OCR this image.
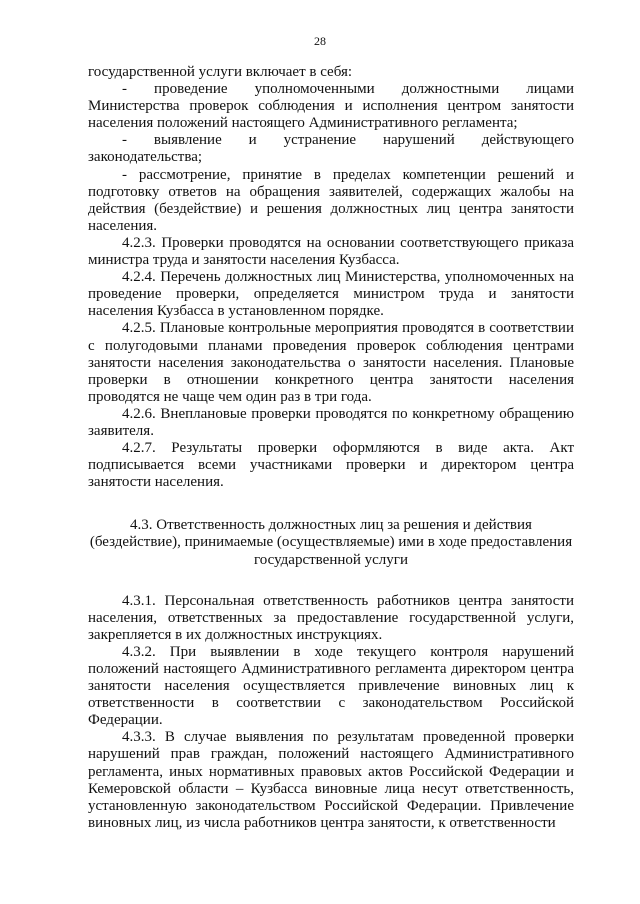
28

государственной услуги включает в себя:

- проведение уполномоченными должностными лицами Министерства проверок соблюдения и исполнения центром занятости населения положений настоящего Административного регламента;

- выявление и устранение нарушений действующего законодательства;

- рассмотрение, принятие в пределах компетенции решений и подготовку ответов на обращения заявителей, содержащих жалобы на действия (бездействие) и решения должностных лиц центра занятости населения.

4.2.3. Проверки проводятся на основании соответствующего приказа министра труда и занятости населения Кузбасса.

4.2.4. Перечень должностных лиц Министерства, уполномоченных на проведение проверки, определяется министром труда и занятости населения Кузбасса в установленном порядке.

4.2.5. Плановые контрольные мероприятия проводятся в соответствии с полугодовыми планами проведения проверок соблюдения центрами занятости населения законодательства о занятости населения. Плановые проверки в отношении конкретного центра занятости населения проводятся не чаще чем один раз в три года.

4.2.6. Внеплановые проверки проводятся по конкретному обращению заявителя.

4.2.7. Результаты проверки оформляются в виде акта. Акт подписывается всеми участниками проверки и директором центра занятости населения.

4.3. Ответственность должностных лиц за решения и действия
(бездействие), принимаемые (осуществляемые) ими в ходе предоставления
государственной услуги

4.3.1. Персональная ответственность работников центра занятости населения, ответственных за предоставление государственной услуги, закрепляется в их должностных инструкциях.

4.3.2. При выявлении в ходе текущего контроля нарушений положений настоящего Административного регламента директором центра занятости населения осуществляется привлечение виновных лиц к ответственности в соответствии с законодательством Российской Федерации.

4.3.3. В случае выявления по результатам проведенной проверки нарушений прав граждан, положений настоящего Административного регламента, иных нормативных правовых актов Российской Федерации и Кемеровской области – Кузбасса виновные лица несут ответственность, установленную законодательством Российской Федерации. Привлечение виновных лиц, из числа работников центра занятости, к ответственности
